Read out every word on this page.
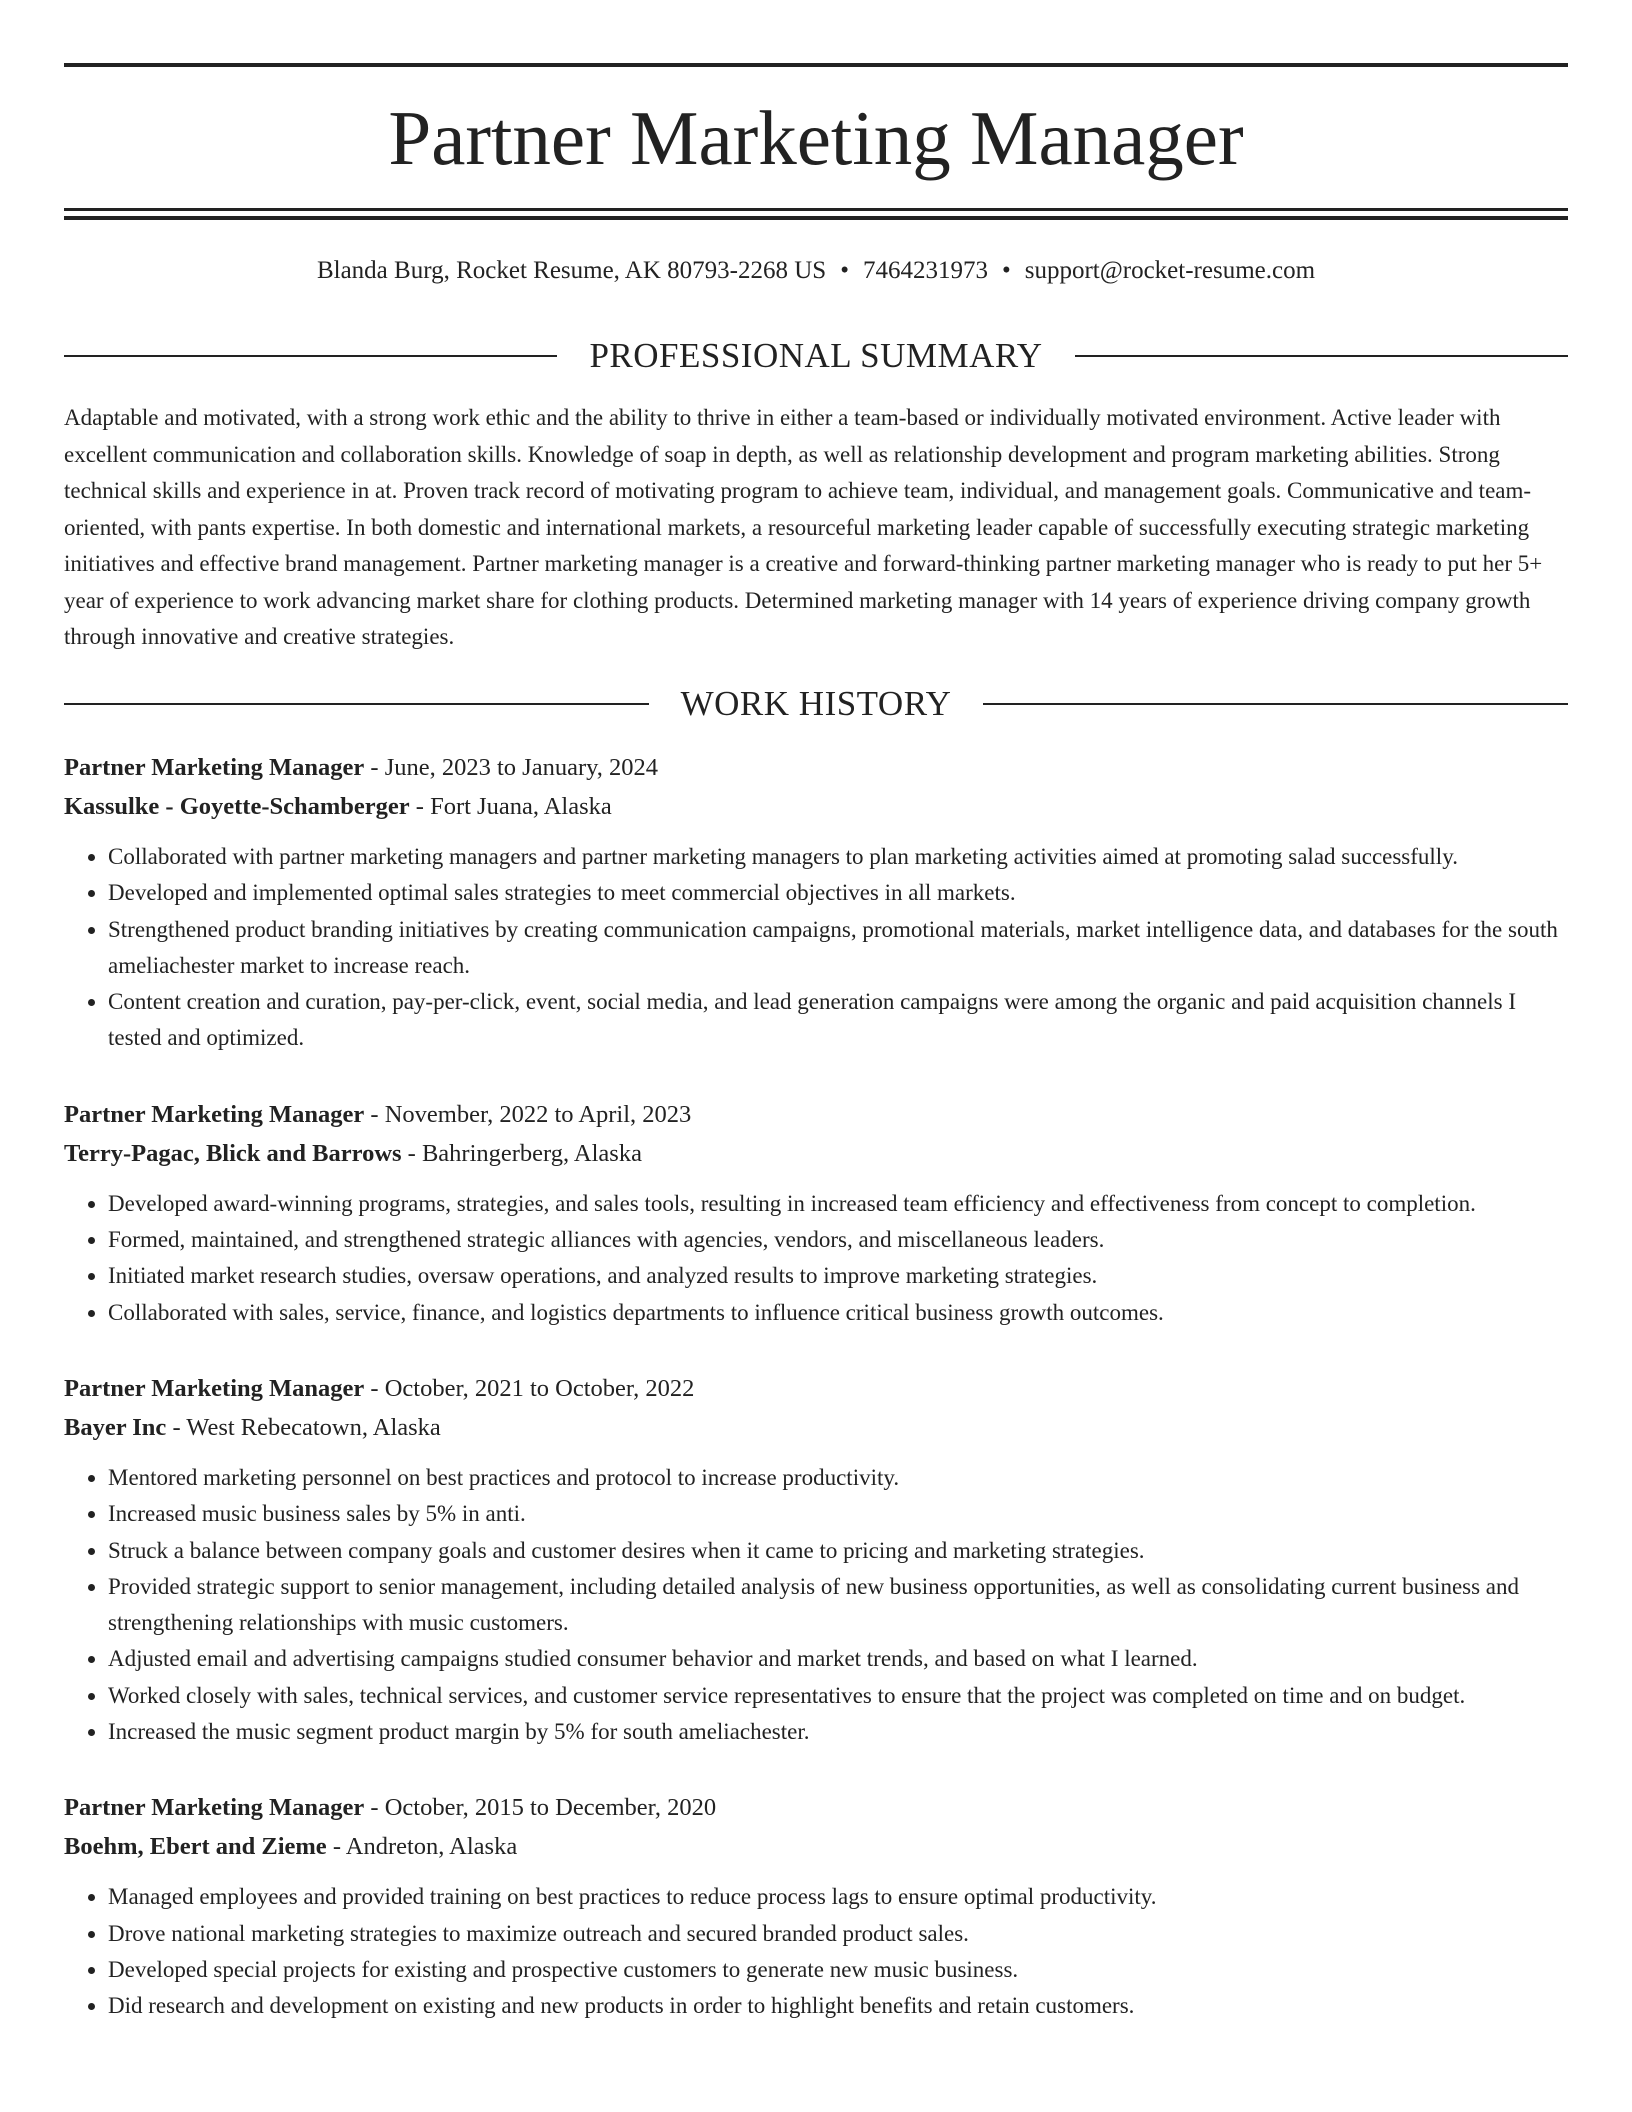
Partner Marketing Manager
Blanda Burg, Rocket Resume, AK 80793-2268 US • 7464231973 • support@rocket-resume.com
PROFESSIONAL SUMMARY

Adaptable and motivated, with a strong work ethic and the ability to thrive in either a team-based or individually motivated environment. Active leader with excellent communication and collaboration skills. Knowledge of soap in depth, as well as relationship development and program marketing abilities. Strong technical skills and experience in at. Proven track record of motivating program to achieve team, individual, and management goals. Communicative and team-oriented, with pants expertise. In both domestic and international markets, a resourceful marketing leader capable of successfully executing strategic marketing initiatives and effective brand management. Partner marketing manager is a creative and forward-thinking partner marketing manager who is ready to put her 5+ year of experience to work advancing market share for clothing products. Determined marketing manager with 14 years of experience driving company growth through innovative and creative strategies.

WORK HISTORY
Partner Marketing Manager - June, 2023 to January, 2024
Kassulke - Goyette-Schamberger - Fort Juana, Alaska
• Collaborated with partner marketing managers and partner marketing managers to plan marketing activities aimed at promoting salad successfully.
• Developed and implemented optimal sales strategies to meet commercial objectives in all markets.
• Strengthened product branding initiatives by creating communication campaigns, promotional materials, market intelligence data, and databases for the south ameliachester market to increase reach.
• Content creation and curation, pay-per-click, event, social media, and lead generation campaigns were among the organic and paid acquisition channels I tested and optimized.
Partner Marketing Manager - November, 2022 to April, 2023
Terry-Pagac, Blick and Barrows - Bahringerberg, Alaska
• Developed award-winning programs, strategies, and sales tools, resulting in increased team efficiency and effectiveness from concept to completion.
• Formed, maintained, and strengthened strategic alliances with agencies, vendors, and miscellaneous leaders.
• Initiated market research studies, oversaw operations, and analyzed results to improve marketing strategies.
• Collaborated with sales, service, finance, and logistics departments to influence critical business growth outcomes.
Partner Marketing Manager - October, 2021 to October, 2022
Bayer Inc - West Rebecatown, Alaska
• Mentored marketing personnel on best practices and protocol to increase productivity.
• Increased music business sales by 5% in anti.
• Struck a balance between company goals and customer desires when it came to pricing and marketing strategies.
• Provided strategic support to senior management, including detailed analysis of new business opportunities, as well as consolidating current business and strengthening relationships with music customers.
• Adjusted email and advertising campaigns studied consumer behavior and market trends, and based on what I learned.
• Worked closely with sales, technical services, and customer service representatives to ensure that the project was completed on time and on budget.
• Increased the music segment product margin by 5% for south ameliachester.
Partner Marketing Manager - October, 2015 to December, 2020
Boehm, Ebert and Zieme - Andreton, Alaska
• Managed employees and provided training on best practices to reduce process lags to ensure optimal productivity.
• Drove national marketing strategies to maximize outreach and secured branded product sales.
• Developed special projects for existing and prospective customers to generate new music business.
• Did research and development on existing and new products in order to highlight benefits and retain customers.
